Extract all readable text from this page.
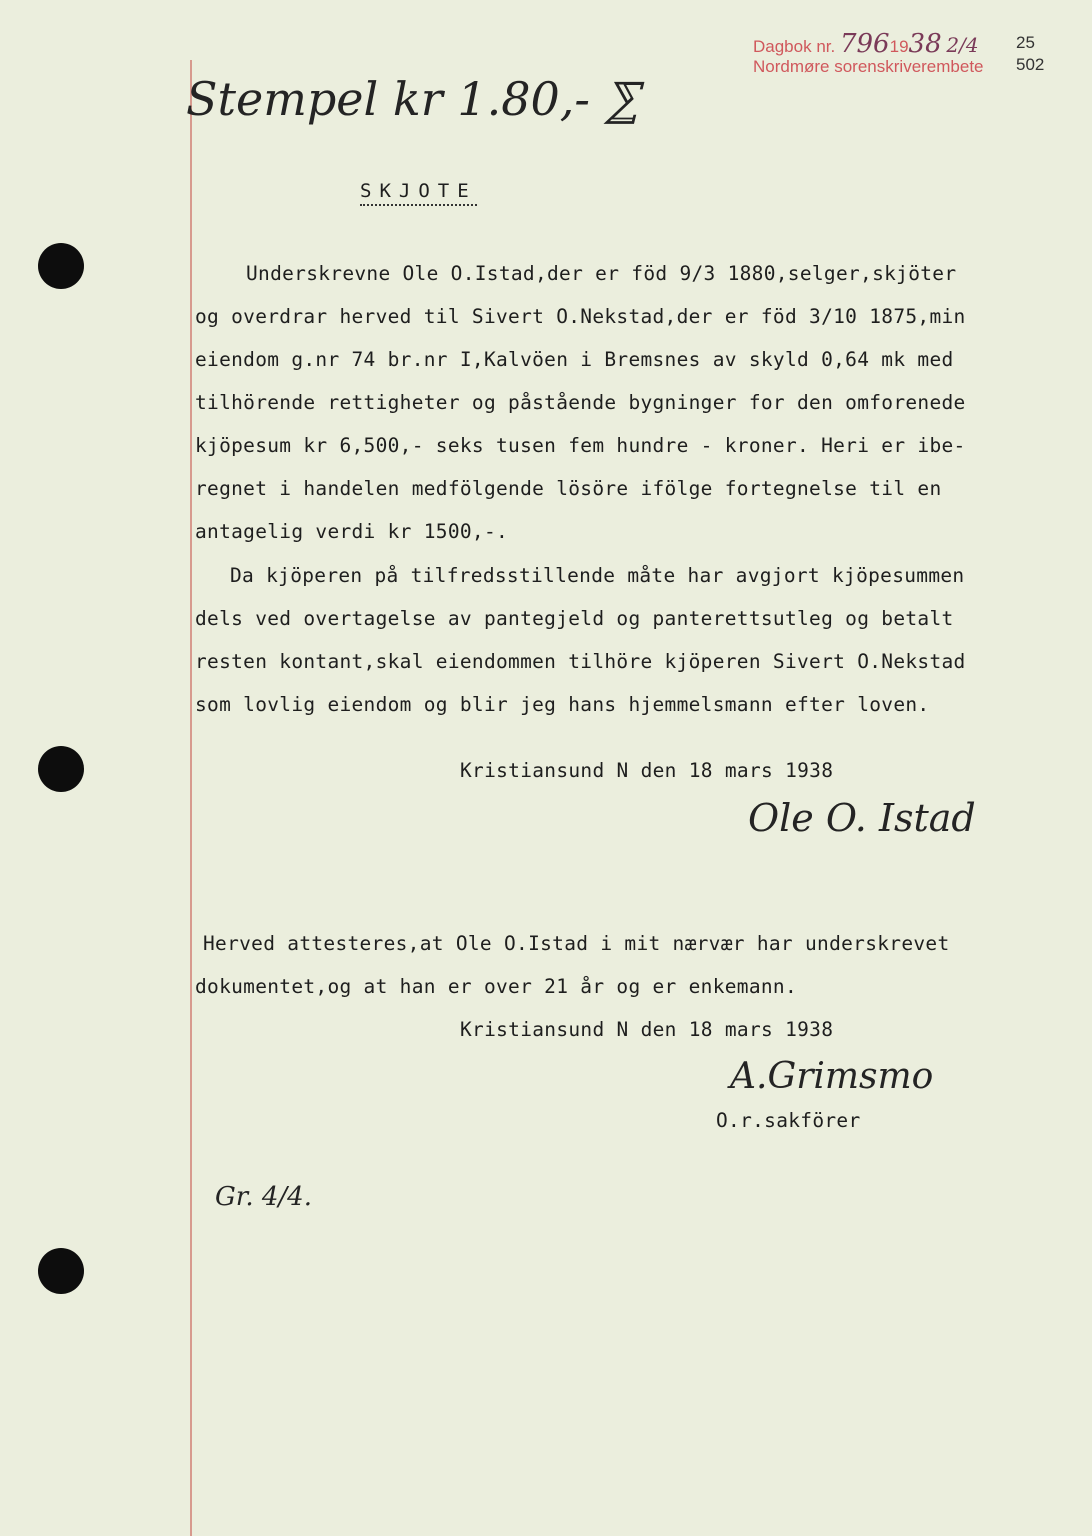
Dagbok nr. 7961938 2/4
Nordmøre sorenskriverembete
25
502
Stempel kr 1.80,- ⅀
SKJOTE
Underskrevne Ole O.Istad,der er föd 9/3 1880,selger,skjöter
og overdrar herved til Sivert O.Nekstad,der er föd 3/10 1875,min
eiendom g.nr 74 br.nr I,Kalvöen i Bremsnes av skyld 0,64 mk med
tilhörende rettigheter og påstående bygninger for den omforenede
kjöpesum kr 6,500,- seks tusen fem hundre - kroner. Heri er ibe-
regnet i handelen medfölgende lösöre ifölge fortegnelse til en
antagelig verdi kr 1500,-.
Da kjöperen på tilfredsstillende måte har avgjort kjöpesummen
dels ved overtagelse av pantegjeld og panterettsutleg og betalt
resten kontant,skal eiendommen tilhöre kjöperen Sivert O.Nekstad
som lovlig eiendom og blir jeg hans hjemmelsmann efter loven.
Kristiansund N den 18 mars 1938
Ole O. Istad
Herved attesteres,at Ole O.Istad i mit nærvær har underskrevet
dokumentet,og at han er over 21 år og er enkemann.
Kristiansund N den 18 mars 1938
A.Grimsmo
O.r.sakförer
Gr. 4/4.
